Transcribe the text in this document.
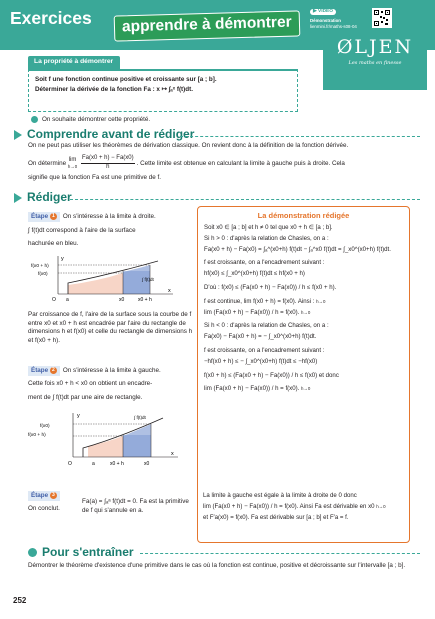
Exercices	apprendre à démontrer
▶ VIDÉO
Démonstration
lienmini.fr/maths-s08-04
ØLJEN
Les maths en finesse
La propriété à démontrer
Soit f une fonction continue positive et croissante sur [a ; b].
Déterminer la dérivée de la fonction Fa : x ↦ ∫ₐˣ f(t)dt.
On souhaite démontrer cette propriété.
Comprendre avant de rédiger
On ne peut pas utiliser les théorèmes de dérivation classique. On revient donc à la définition de la fonction dérivée.
On détermine
lim
h→0
$\frac{Fa(x0 + h) - Fa(x0)}{h}$ . Cette limite est obtenue en calculant la limite à gauche puis à droite. Cela
signifie que la fonction Fa est une primitive de f.
Rédiger
Étape 1 On s'intéresse à la limite à droite.
∫ f(t)dt correspond à l'aire de la surface
hachurée en bleu.
y
x
f(x0 + h)
f(x0)
O a	x0	x0 + h
∫ f(t)dt
Par croissance de f, l'aire de la surface sous la courbe de f entre x0 et x0 + h est encadrée par l'aire du rectangle de dimensions h et f(x0) et celle du rectangle de dimensions h et f(x0 + h).
Étape 2 On s'intéresse à la limite à gauche.
Cette fois x0 + h < x0 on obtient un encadre-
ment de ∫ f(t)dt par une aire de rectangle.
y
x
f(x0)
f(x0 + h)
O	a	x0 + h	x0
∫ f(t)dt
Étape 3
On conclut.
Fa(a) = ∫ₐᵃ f(t)dt = 0. Fa est la primitive de f qui s'annule en a.
La démonstration rédigée
Soit x0 ∈ [a ; b] et h ≠ 0 tel que x0 + h ∈ [a ; b].
Si h > 0 : d'après la relation de Chasles, on a :
Fa(x0 + h) − Fa(x0) = ∫ₐ^(x0+h) f(t)dt − ∫ₐ^x0 f(t)dt = ∫_x0^(x0+h) f(t)dt.
f est croissante, on a l'encadrement suivant :
hf(x0) ≤ ∫_x0^(x0+h) f(t)dt ≤ hf(x0 + h)
D'où : f(x0) ≤ (Fa(x0 + h) − Fa(x0)) / h ≤ f(x0 + h).
f est continue, lim f(x0 + h) = f(x0). Ainsi : h→0
lim (Fa(x0 + h) − Fa(x0)) / h = f(x0). h→0
Si h < 0 : d'après la relation de Chasles, on a :
Fa(x0) − Fa(x0 + h) = − ∫_x0^(x0+h) f(t)dt.
f est croissante, on a l'encadrement suivant :
−hf(x0 + h) ≤ − ∫_x0^(x0+h) f(t)dt ≤ −hf(x0)
f(x0 + h) ≤ (Fa(x0 + h) − Fa(x0)) / h ≤ f(x0) et donc
lim (Fa(x0 + h) − Fa(x0)) / h = f(x0). h→0
La limite à gauche est égale à la limite à droite de 0 donc
lim (Fa(x0 + h) − Fa(x0)) / h = f(x0). Ainsi Fa est dérivable en x0 h→0
et F′a(x0) = f(x0). Fa est dérivable sur [a ; b] et F′a = f.
Pour s'entraîner
Démontrer le théorème d'existence d'une primitive dans le cas où la fonction est continue, positive et décroissante sur l'intervalle [a ; b].
252
